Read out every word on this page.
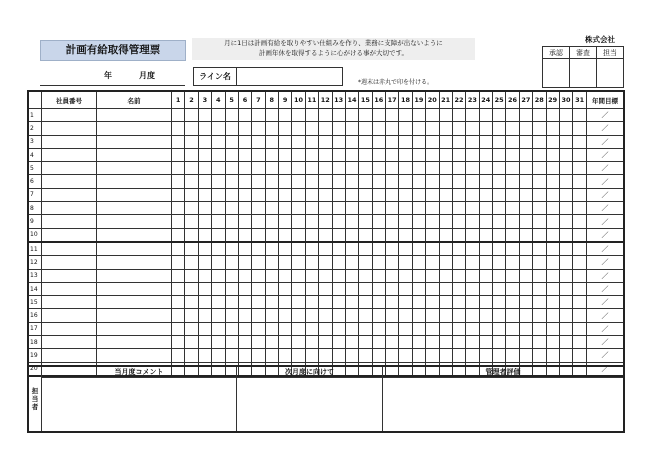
計画有給取得管理票
月に1日は計画有給を取りやすい仕組みを作り、業務に支障が出ないように
計画年休を取得するように心がける事が大切です。
株式会社
承認	審査	担当

年	月度	ライン名
*週末は赤丸で印を付ける。
	社員番号	名前	1	2	3	4	5	6	7	8	9	10	11	12	13	14	15	16	17	18	19	20	21	22	23	24	25	26	27	28	29	30	31	年間目標
1																																		／
2																																		／
3																																		／
4																																		／
5																																		／
6																																		／
7																																		／
8																																		／
9																																		／
10																																		／
11																																		／
12																																		／
13																																		／
14																																		／
15																																		／
16																																		／
17																																		／
18																																		／
19																																		／
20																																		／
担
当
者	当月度コメント	次月度に向けて	管理者評価
